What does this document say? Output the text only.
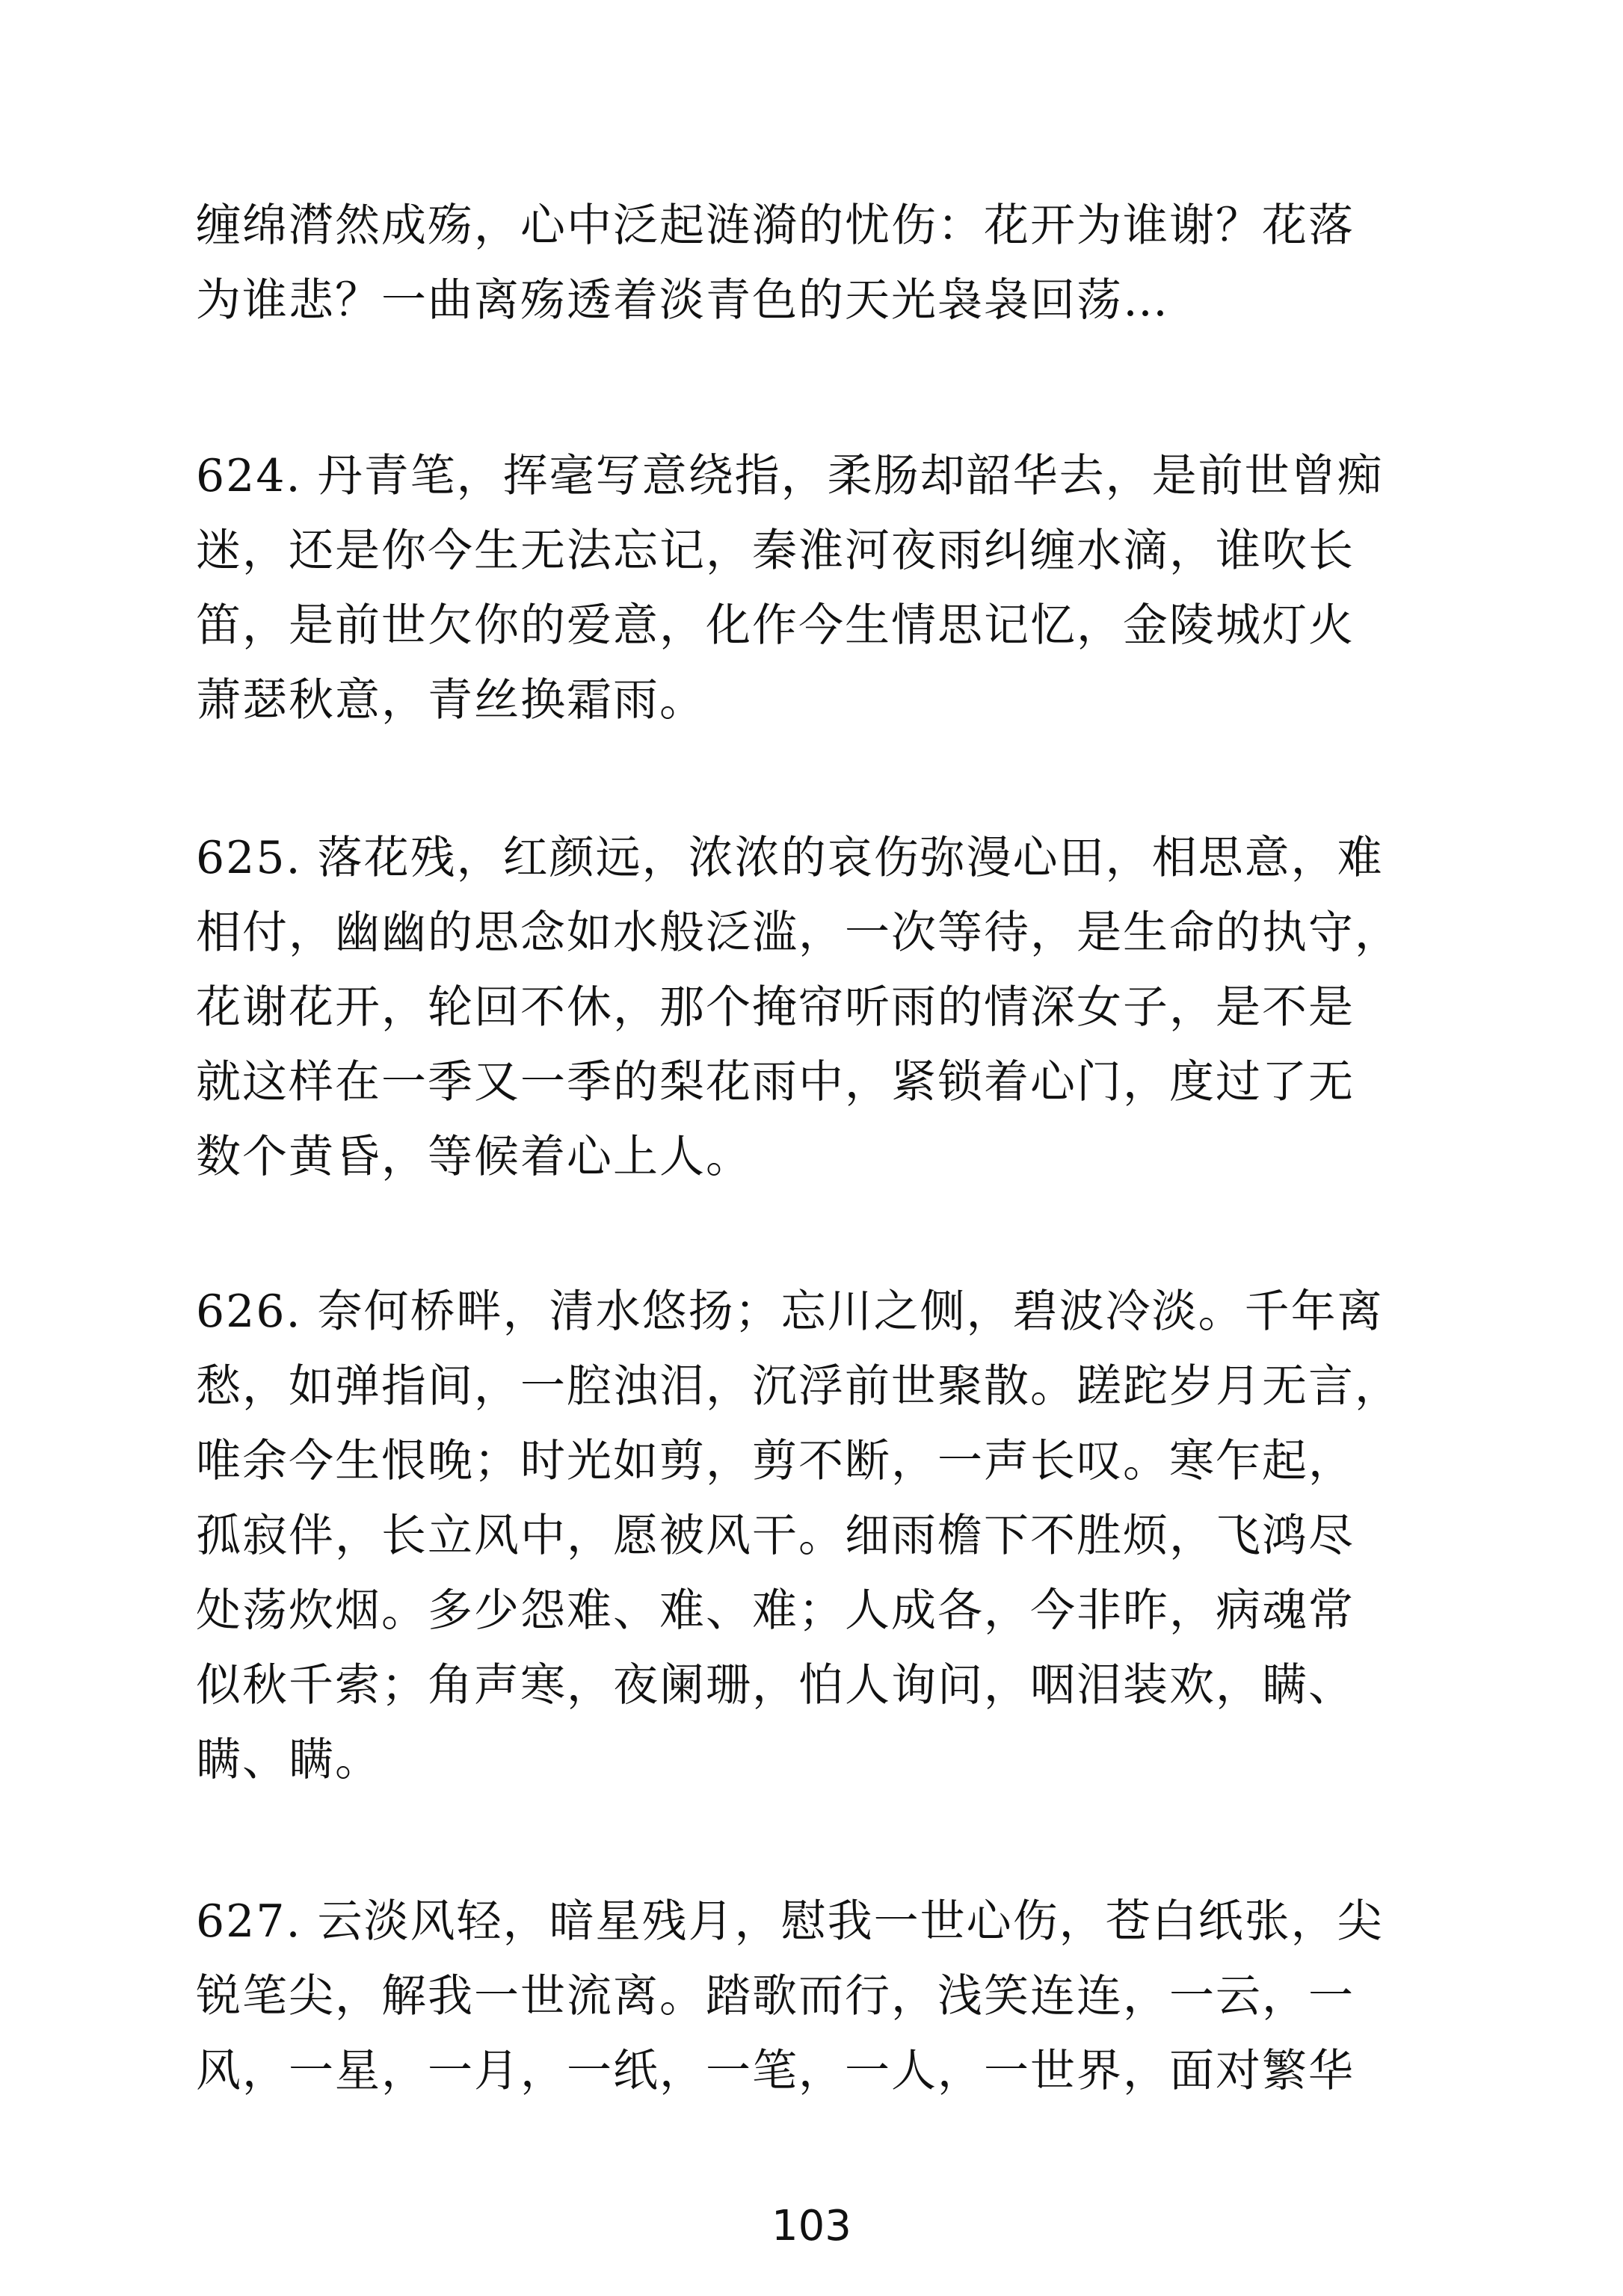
缠绵潸然成殇，心中泛起涟漪的忧伤：花开为谁谢？花落
为谁悲？一曲离殇透着淡青色的天光袅袅回荡…
624. 丹青笔，挥毫写意绕指，柔肠却韶华去，是前世曾痴
迷，还是你今生无法忘记，秦淮河夜雨纠缠水滴，谁吹长
笛，是前世欠你的爱意，化作今生情思记忆，金陵城灯火
萧瑟秋意，青丝换霜雨。
625. 落花残，红颜远，浓浓的哀伤弥漫心田，相思意，难
相付，幽幽的思念如水般泛滥，一次等待，是生命的执守，
花谢花开，轮回不休，那个掩帘听雨的情深女子，是不是
就这样在一季又一季的梨花雨中，紧锁着心门，度过了无
数个黄昏，等候着心上人。
626. 奈何桥畔，清水悠扬；忘川之侧，碧波冷淡。千年离
愁，如弹指间，一腔浊泪，沉浮前世聚散。蹉跎岁月无言，
唯余今生恨晚；时光如剪，剪不断，一声长叹。寒乍起，
孤寂伴，长立风中，愿被风干。细雨檐下不胜烦，飞鸿尽
处荡炊烟。多少怨难、难、难；人成各，今非昨，病魂常
似秋千索；角声寒，夜阑珊，怕人询问，咽泪装欢，瞒、
瞒、瞒。
627. 云淡风轻，暗星残月，慰我一世心伤，苍白纸张，尖
锐笔尖，解我一世流离。踏歌而行，浅笑连连，一云，一
风，一星，一月，一纸，一笔，一人，一世界，面对繁华
103
